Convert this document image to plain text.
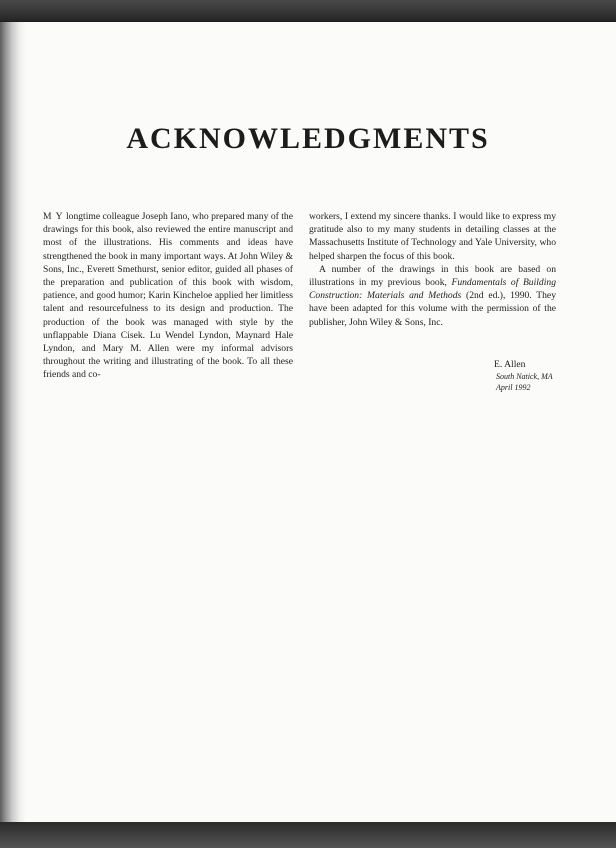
ACKNOWLEDGMENTS

M Y longtime colleague Joseph Iano, who prepared many of the drawings for this book, also reviewed the entire manuscript and most of the illustrations. His comments and ideas have strengthened the book in many important ways. At John Wiley & Sons, Inc., Everett Smethurst, senior editor, guided all phases of the preparation and publication of this book with wisdom, patience, and good humor; Karin Kincheloe applied her limitless talent and resourcefulness to its design and production. The production of the book was managed with style by the unflappable Diana Cisek. Lu Wendel Lyndon, Maynard Hale Lyndon, and Mary M. Allen were my informal advisors throughout the writing and illustrating of the book. To all these friends and co-

workers, I extend my sincere thanks. I would like to express my gratitude also to my many students in detailing classes at the Massachusetts Institute of Technology and Yale University, who helped sharpen the focus of this book.

A number of the drawings in this book are based on illustrations in my previous book, Fundamentals of Building Construction: Materials and Methods (2nd ed.), 1990. They have been adapted for this volume with the permission of the publisher, John Wiley & Sons, Inc.

E. Allen
South Natick, MA
April 1992
